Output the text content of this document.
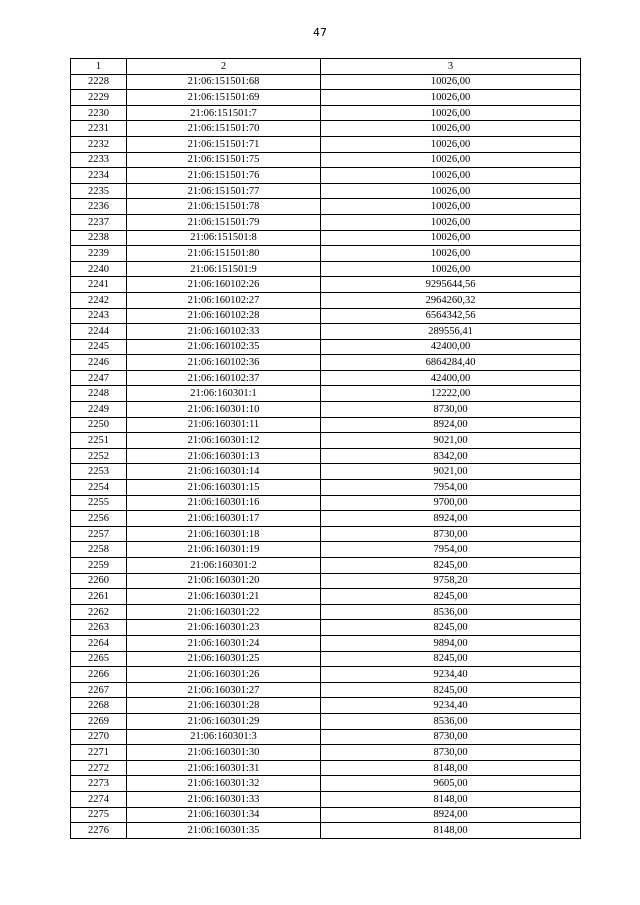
47
1	2	3
2228	21:06:151501:68	10026,00
2229	21:06:151501:69	10026,00
2230	21:06:151501:7	10026,00
2231	21:06:151501:70	10026,00
2232	21:06:151501:71	10026,00
2233	21:06:151501:75	10026,00
2234	21:06:151501:76	10026,00
2235	21:06:151501:77	10026,00
2236	21:06:151501:78	10026,00
2237	21:06:151501:79	10026,00
2238	21:06:151501:8	10026,00
2239	21:06:151501:80	10026,00
2240	21:06:151501:9	10026,00
2241	21:06:160102:26	9295644,56
2242	21:06:160102:27	2964260,32
2243	21:06:160102:28	6564342,56
2244	21:06:160102:33	289556,41
2245	21:06:160102:35	42400,00
2246	21:06:160102:36	6864284,40
2247	21:06:160102:37	42400,00
2248	21:06:160301:1	12222,00
2249	21:06:160301:10	8730,00
2250	21:06:160301:11	8924,00
2251	21:06:160301:12	9021,00
2252	21:06:160301:13	8342,00
2253	21:06:160301:14	9021,00
2254	21:06:160301:15	7954,00
2255	21:06:160301:16	9700,00
2256	21:06:160301:17	8924,00
2257	21:06:160301:18	8730,00
2258	21:06:160301:19	7954,00
2259	21:06:160301:2	8245,00
2260	21:06:160301:20	9758,20
2261	21:06:160301:21	8245,00
2262	21:06:160301:22	8536,00
2263	21:06:160301:23	8245,00
2264	21:06:160301:24	9894,00
2265	21:06:160301:25	8245,00
2266	21:06:160301:26	9234,40
2267	21:06:160301:27	8245,00
2268	21:06:160301:28	9234,40
2269	21:06:160301:29	8536,00
2270	21:06:160301:3	8730,00
2271	21:06:160301:30	8730,00
2272	21:06:160301:31	8148,00
2273	21:06:160301:32	9605,00
2274	21:06:160301:33	8148,00
2275	21:06:160301:34	8924,00
2276	21:06:160301:35	8148,00
